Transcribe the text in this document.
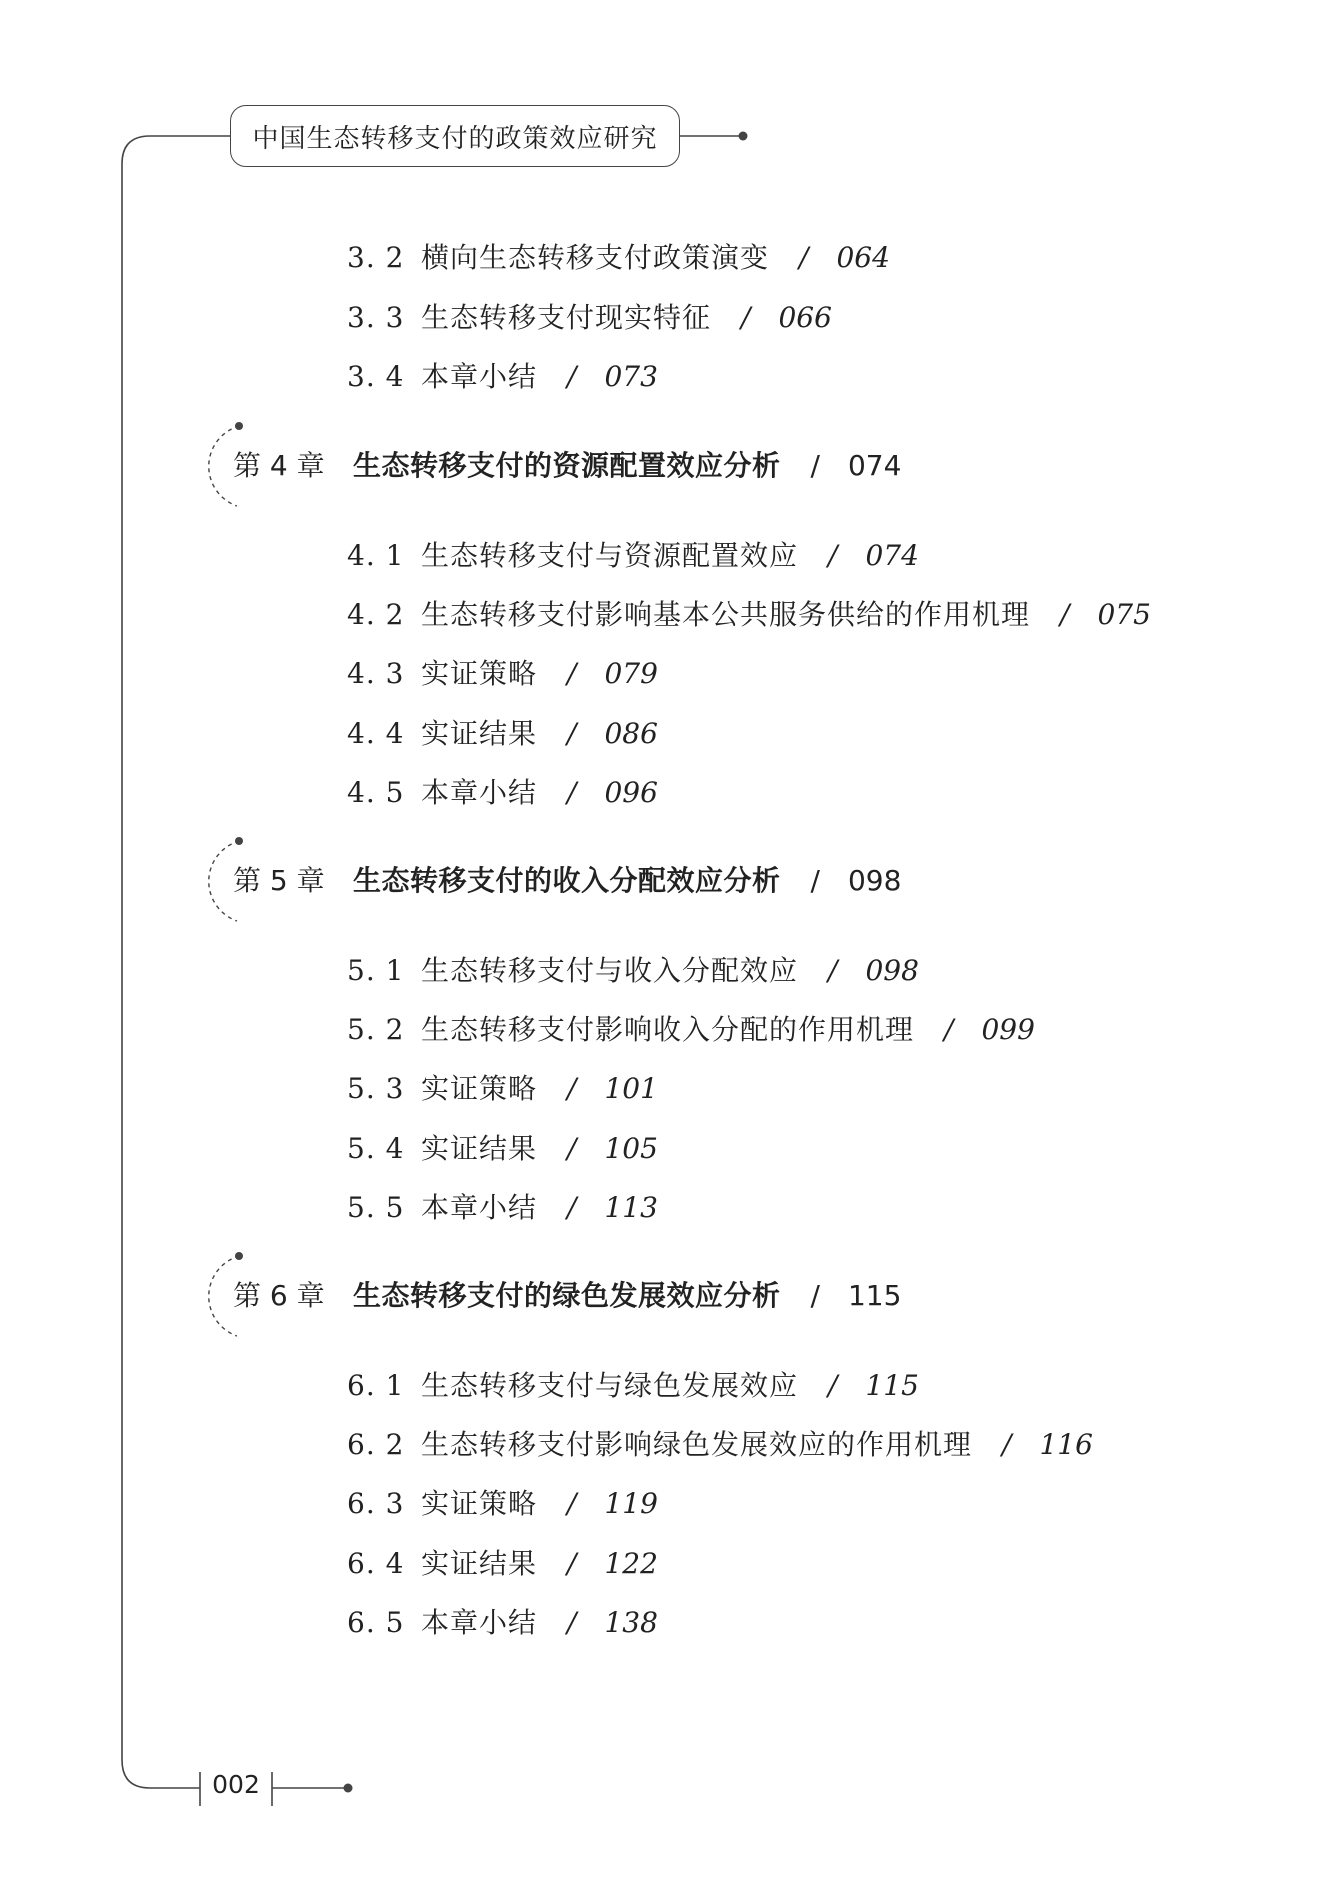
中国生态转移支付的政策效应研究
3. 2 横向生态转移支付政策演变 / 064
3. 3 生态转移支付现实特征 / 066
3. 4 本章小结 / 073
第 4 章	生态转移支付的资源配置效应分析 / 074
4. 1 生态转移支付与资源配置效应 / 074
4. 2 生态转移支付影响基本公共服务供给的作用机理 / 075
4. 3 实证策略 / 079
4. 4 实证结果 / 086
4. 5 本章小结 / 096
第 5 章	生态转移支付的收入分配效应分析 / 098
5. 1 生态转移支付与收入分配效应 / 098
5. 2 生态转移支付影响收入分配的作用机理 / 099
5. 3 实证策略 / 101
5. 4 实证结果 / 105
5. 5 本章小结 / 113
第 6 章	生态转移支付的绿色发展效应分析 / 115
6. 1 生态转移支付与绿色发展效应 / 115
6. 2 生态转移支付影响绿色发展效应的作用机理 / 116
6. 3 实证策略 / 119
6. 4 实证结果 / 122
6. 5 本章小结 / 138
002
